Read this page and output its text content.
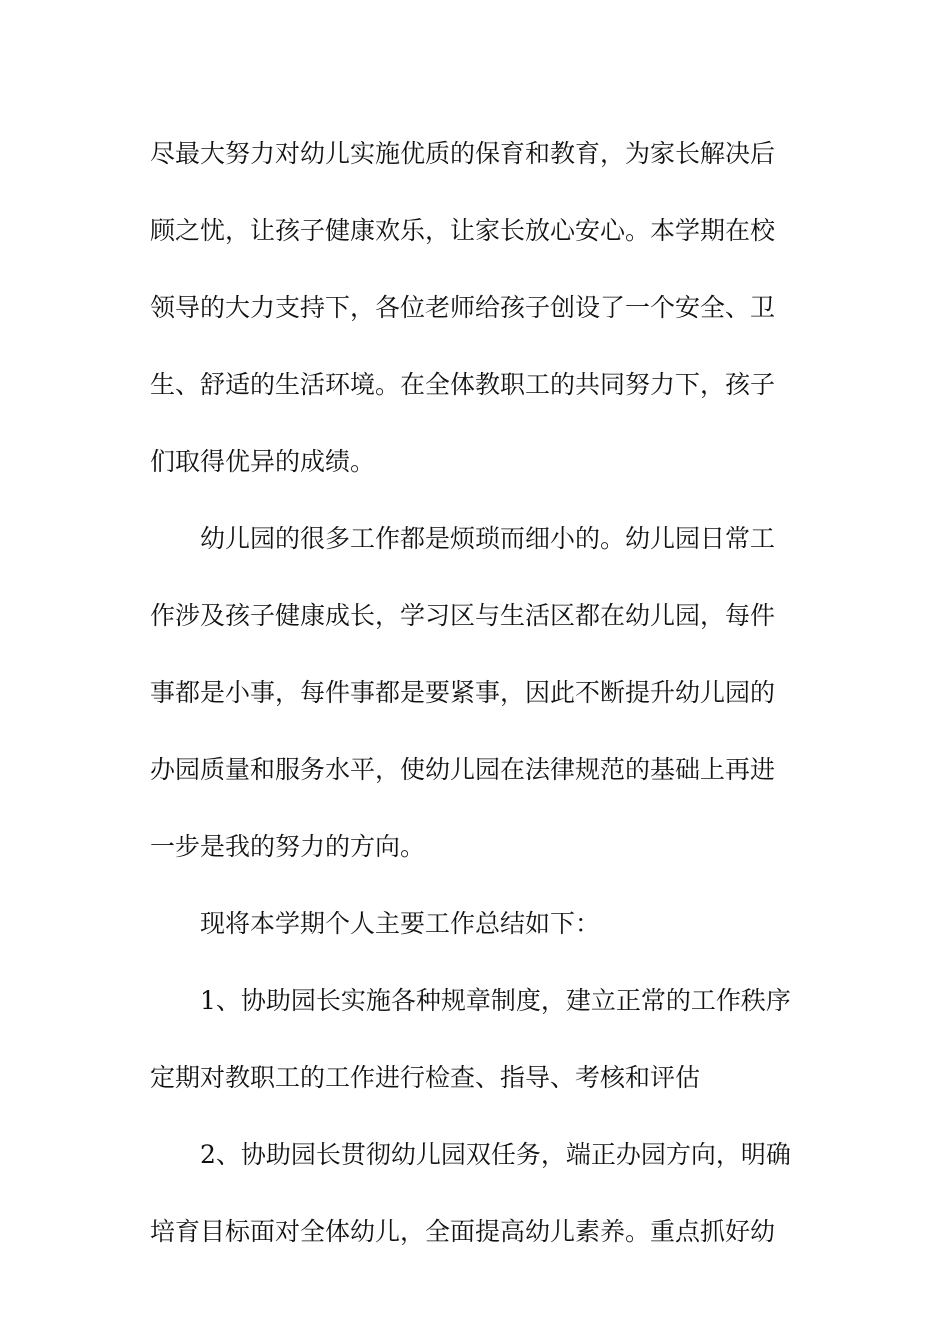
尽最大努力对幼儿实施优质的保育和教育，为家长解决后
顾之忧，让孩子健康欢乐，让家长放心安心。本学期在校
领导的大力支持下，各位老师给孩子创设了一个安全、卫
生、舒适的生活环境。在全体教职工的共同努力下，孩子
们取得优异的成绩。
幼儿园的很多工作都是烦琐而细小的。幼儿园日常工
作涉及孩子健康成长，学习区与生活区都在幼儿园，每件
事都是小事，每件事都是要紧事，因此不断提升幼儿园的
办园质量和服务水平，使幼儿园在法律规范的基础上再进
一步是我的努力的方向。
现将本学期个人主要工作总结如下：
1、协助园长实施各种规章制度，建立正常的工作秩序
定期对教职工的工作进行检查、指导、考核和评估
2、协助园长贯彻幼儿园双任务，端正办园方向，明确
培育目标面对全体幼儿，全面提高幼儿素养。重点抓好幼
